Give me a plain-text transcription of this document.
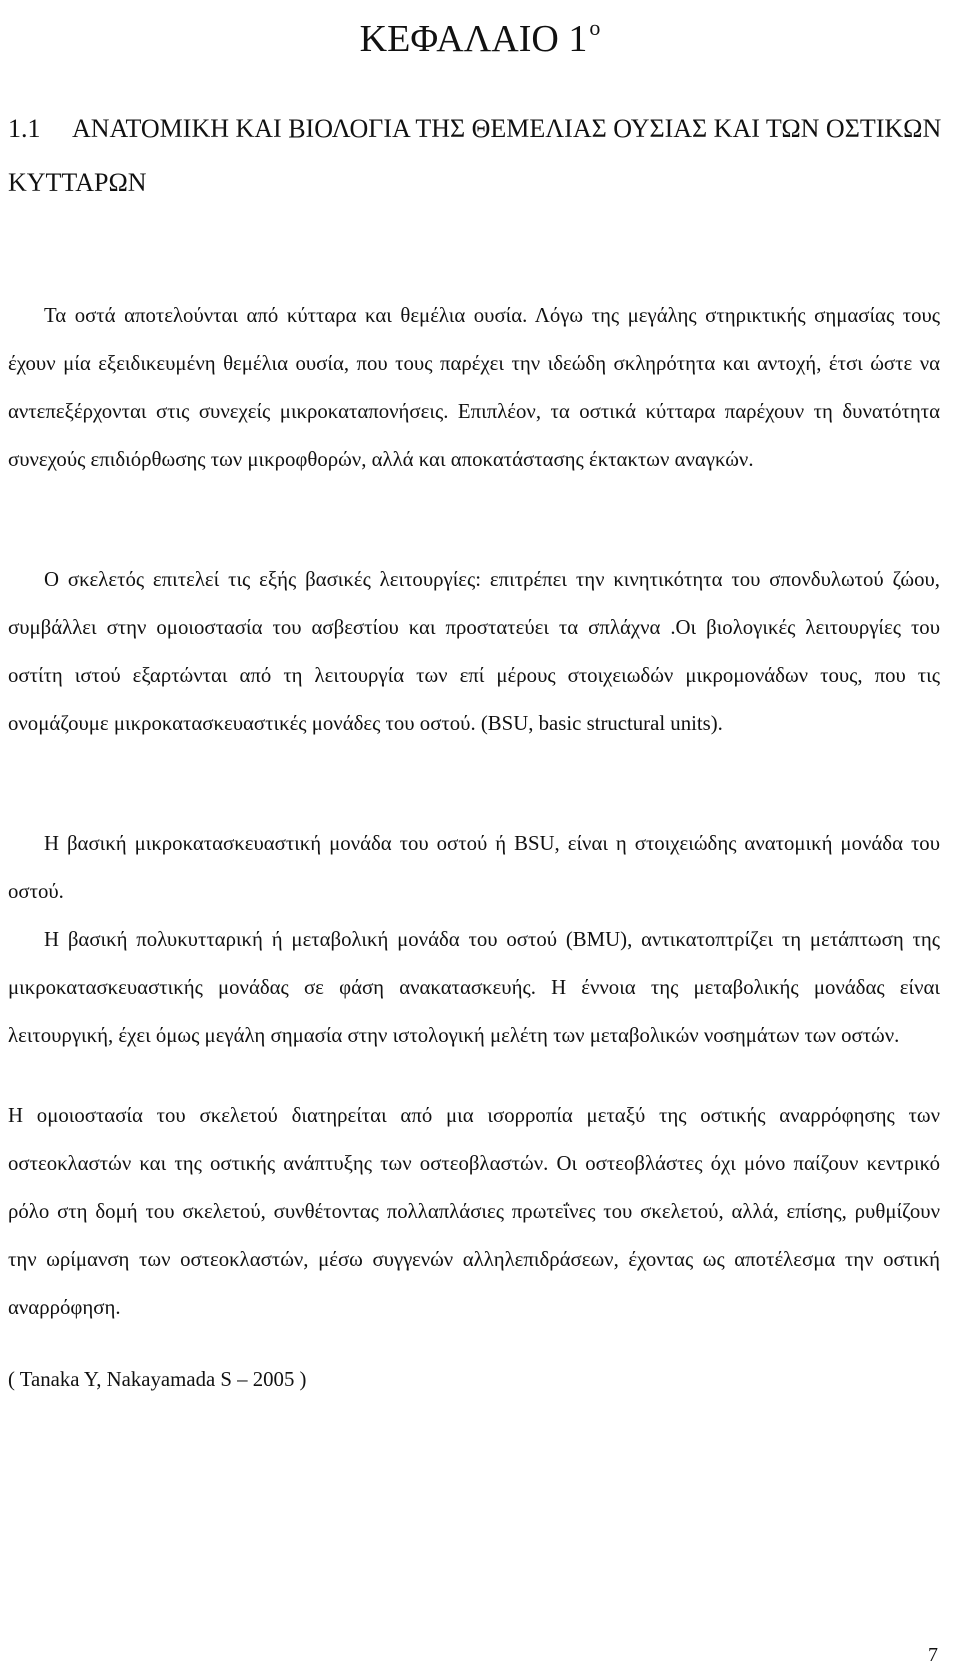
ΚΕΦΑΛΑΙΟ $1^o$
1.1 ΑΝΑΤΟΜΙΚΗ ΚΑΙ ΒΙΟΛΟΓΙΑ ΤΗΣ ΘΕΜΕΛΙΑΣ ΟΥΣΙΑΣ ΚΑΙ ΤΩΝ ΟΣΤΙΚΩΝ ΚΥΤΤΑΡΩΝ

Τα οστά αποτελούνται από κύτταρα και θεμέλια ουσία. Λόγω της μεγάλης στηρικτικής σημασίας τους έχουν μία εξειδικευμένη θεμέλια ουσία, που τους παρέχει την ιδεώδη σκληρότητα και αντοχή, έτσι ώστε να αντεπεξέρχονται στις συνεχείς μικροκαταπονήσεις. Επιπλέον, τα οστικά κύτταρα παρέχουν τη δυνατότητα συνεχούς επιδιόρθωσης των μικροφθορών, αλλά και αποκατάστασης έκτακτων αναγκών.

Ο σκελετός επιτελεί τις εξής βασικές λειτουργίες: επιτρέπει την κινητικότητα του σπονδυλωτού ζώου, συμβάλλει στην ομοιοστασία του ασβεστίου και προστατεύει τα σπλάχνα .Οι βιολογικές λειτουργίες του οστίτη ιστού εξαρτώνται από τη λειτουργία των επί μέρους στοιχειωδών μικρομονάδων τους, που τις ονομάζουμε μικροκατασκευαστικές μονάδες του οστού. (BSU, basic structural units).

Η βασική μικροκατασκευαστική μονάδα του οστού ή BSU, είναι η στοιχειώδης ανατομική μονάδα του οστού.

Η βασική πολυκυτταρική ή μεταβολική μονάδα του οστού (BMU), αντικατοπτρίζει τη μετάπτωση της μικροκατασκευαστικής μονάδας σε φάση ανακατασκευής. Η έννοια της μεταβολικής μονάδας είναι λειτουργική, έχει όμως μεγάλη σημασία στην ιστολογική μελέτη των μεταβολικών νοσημάτων των οστών.

Η ομοιοστασία του σκελετού διατηρείται από μια ισορροπία μεταξύ της οστικής αναρρόφησης των οστεοκλαστών και της οστικής ανάπτυξης των οστεοβλαστών. Οι οστεοβλάστες όχι μόνο παίζουν κεντρικό ρόλο στη δομή του σκελετού, συνθέτοντας πολλαπλάσιες πρωτεΐνες του σκελετού, αλλά, επίσης, ρυθμίζουν την ωρίμανση των οστεοκλαστών, μέσω συγγενών αλληλεπιδράσεων, έχοντας ως αποτέλεσμα την οστική αναρρόφηση.

( Tanaka Y, Nakayamada S – 2005 )

7
